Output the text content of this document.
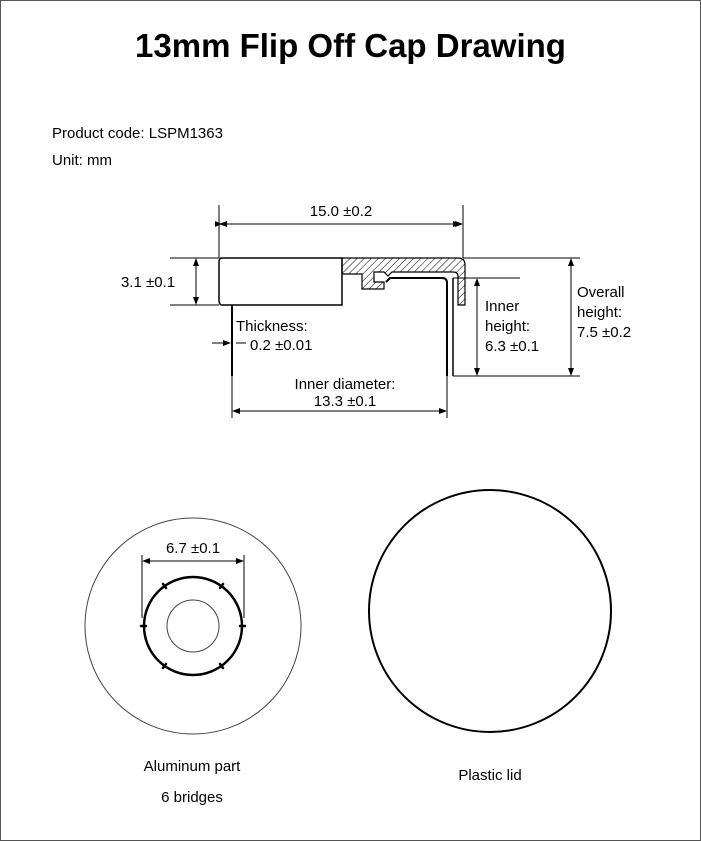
13mm Flip Off Cap Drawing
Product code: LSPM1363
Unit: mm
15.0 ±0.2
3.1 ±0.1
Thickness:
0.2 ±0.01
Inner diameter:
13.3 ±0.1
Inner
height:
6.3 ±0.1
Overall
height:
7.5 ±0.2
6.7 ±0.1
Aluminum part
6 bridges
Plastic lid
